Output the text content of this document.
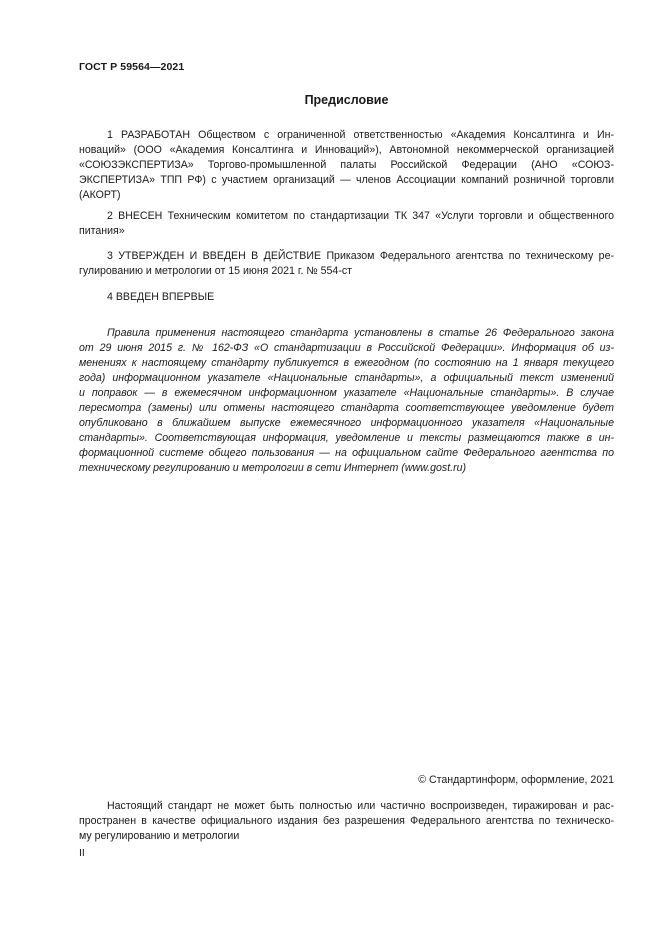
ГОСТ Р 59564—2021
Предисловие
1 РАЗРАБОТАН Обществом с ограниченной ответственностью «Академия Консалтинга и Ин-
новаций» (ООО «Академия Консалтинга и Инноваций»), Автономной некоммерческой организацией
«СОЮЗЭКСПЕРТИЗА» Торгово-промышленной палаты Российской Федерации (АНО «СОЮЗ-
ЭКСПЕРТИЗА» ТПП РФ) с участием организаций — членов Ассоциации компаний розничной торговли
(АКОРТ)
2 ВНЕСЕН Техническим комитетом по стандартизации ТК 347 «Услуги торговли и общественного
питания»
3 УТВЕРЖДЕН И ВВЕДЕН В ДЕЙСТВИЕ Приказом Федерального агентства по техническому ре-
гулированию и метрологии от 15 июня 2021 г. № 554-ст
4 ВВЕДЕН ВПЕРВЫЕ
Правила применения настоящего стандарта установлены в статье 26 Федерального закона
от 29 июня 2015 г. № 162-ФЗ «О стандартизации в Российской Федерации». Информация об из-
менениях к настоящему стандарту публикуется в ежегодном (по состоянию на 1 января текущего
года) информационном указателе «Национальные стандарты», а официальный текст изменений
и поправок — в ежемесячном информационном указателе «Национальные стандарты». В случае
пересмотра (замены) или отмены настоящего стандарта соответствующее уведомление будет
опубликовано в ближайшем выпуске ежемесячного информационного указателя «Национальные
стандарты». Соответствующая информация, уведомление и тексты размещаются также в ин-
формационной системе общего пользования — на официальном сайте Федерального агентства по
техническому регулированию и метрологии в сети Интернет (www.gost.ru)
© Стандартинформ, оформление, 2021
Настоящий стандарт не может быть полностью или частично воспроизведен, тиражирован и рас-
пространен в качестве официального издания без разрешения Федерального агентства по техническо-
му регулированию и метрологии
II
